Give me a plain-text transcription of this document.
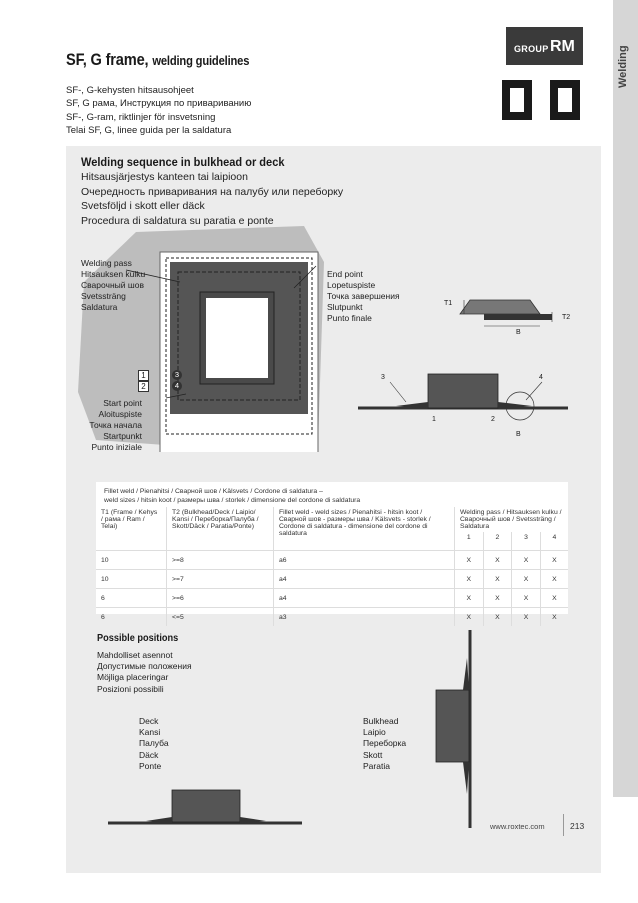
Welding
GROUP RM
SF, G frame, welding guidelines
SF-, G-kehysten hitsausohjeet
SF, G рама, Инструкция по привариванию
SF-, G-ram, riktlinjer för insvetsning
Telai SF, G, linee guida per la saldatura
Welding sequence in bulkhead or deck
Hitsausjärjestys kanteen tai laipioon
Очередность приваривания на палубу или переборку
Svetsföljd i skott eller däck
Procedura di saldatura su paratia e ponte
Welding pass
Hitsauksen kulku
Сварочный шов
Svetssträng
Saldatura
End point
Lopetuspiste
Точка завершения
Slutpunkt
Punto finale
Start point
Aloituspiste
Точка начала
Startpunkt
Punto iniziale
1
2
3
4
T1
T2
B
3	4
1	2
B
Fillet weld / Pienahitsi / Сварной шов / Kälsvets / Cordone di saldatura –
weld sizes / hitsin koot / размеры шва / storlek / dimensione del cordone di saldatura
T1 (Frame / Kehys / рама / Ram / Telai)	T2 (Bulkhead/Deck / Laipio/ Kansi / Переборка/Палуба / Skott/Däck / Paratia/Ponte)	Fillet weld - weld sizes / Pienahitsi - hitsin koot / Сварной шов - размеры шва / Kälsvets - storlek / Cordone di saldatura - dimensione del cordone di saldatura	Welding pass / Hitsauksen kulku / Сварочный шов / Svetssträng / Saldatura			
			1	2	3	4
10	>=8	a6	X	X	X	X
10	>=7	a4	X	X	X	X
6	>=6	a4	X	X	X	X
6	<=5	a3	X	X	X	X
Possible positions
Mahdolliset asennot
Допустимые положения
Möjliga placeringar
Posizioni possibili
Deck
Kansi
Палуба
Däck
Ponte
Bulkhead
Laipio
Переборка
Skott
Paratia
www.roxtec.com	213
